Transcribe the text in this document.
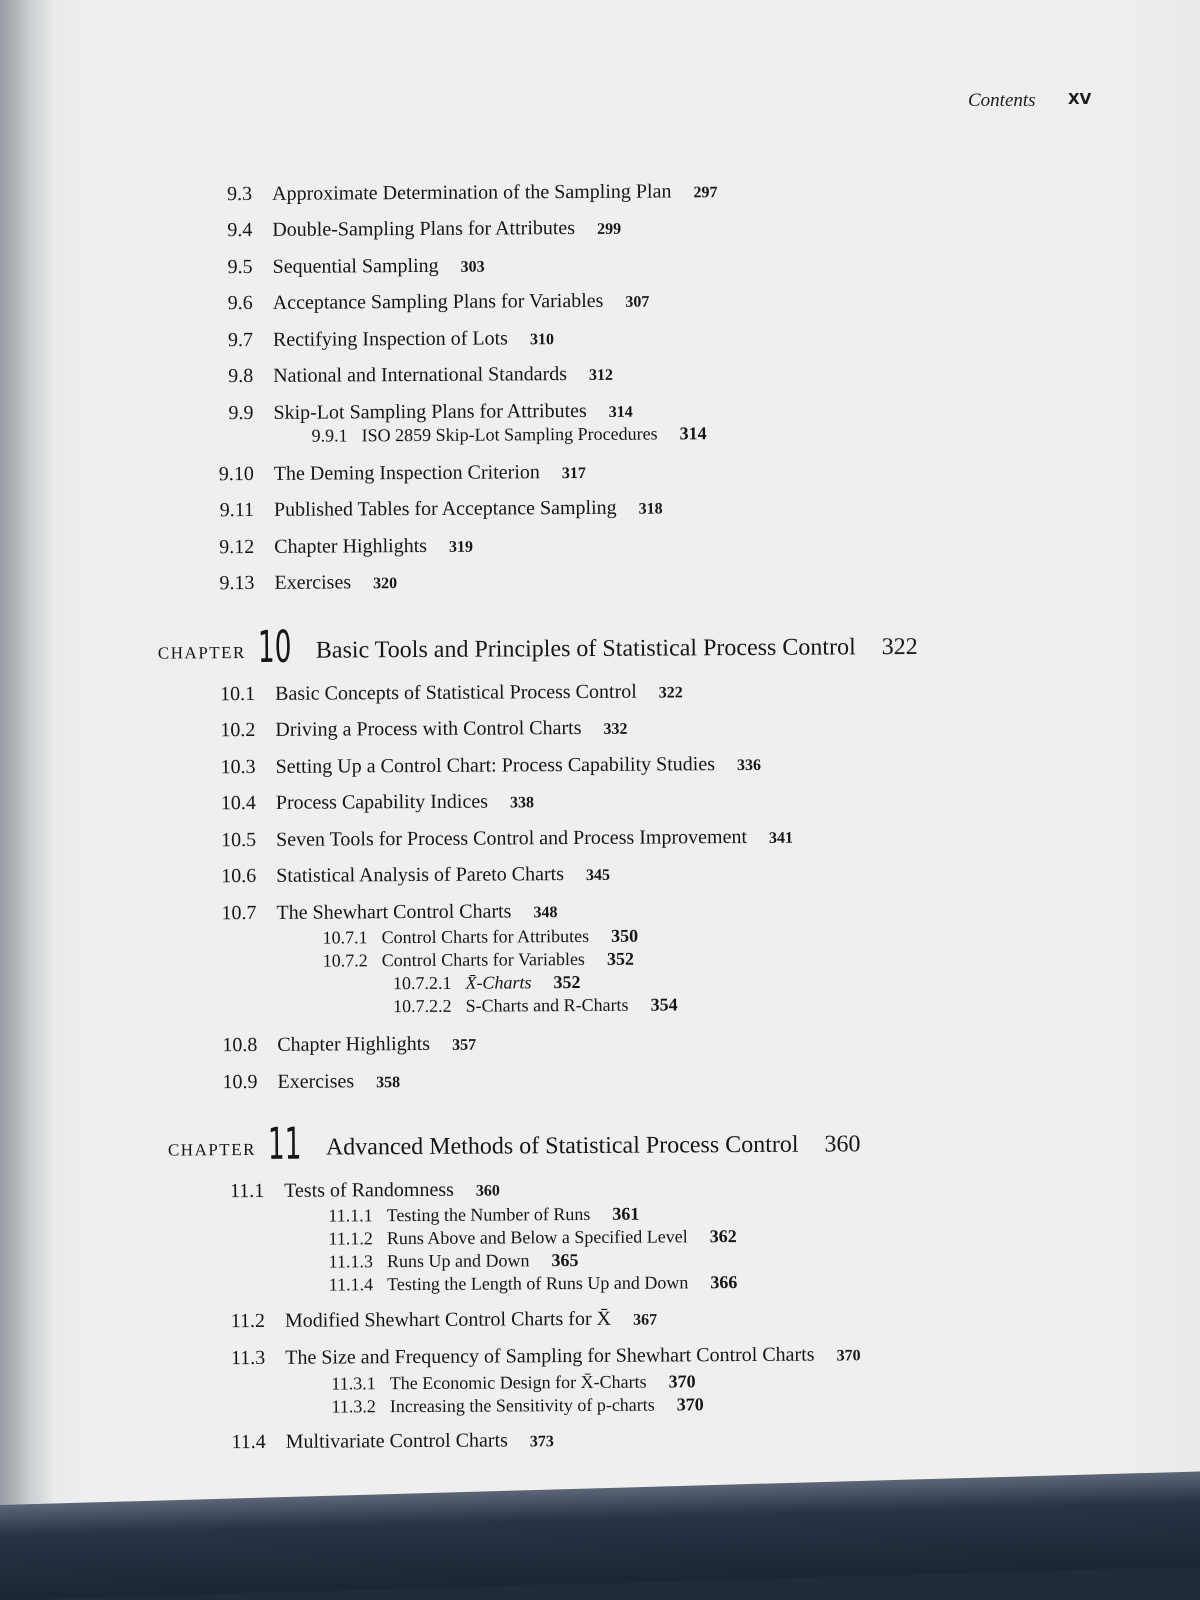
Contents XV
9.3 Approximate Determination of the Sampling Plan 297
9.4 Double-Sampling Plans for Attributes 299
9.5 Sequential Sampling 303
9.6 Acceptance Sampling Plans for Variables 307
9.7 Rectifying Inspection of Lots 310
9.8 National and International Standards 312
9.9 Skip-Lot Sampling Plans for Attributes 314
9.9.1 ISO 2859 Skip-Lot Sampling Procedures 314
9.10 The Deming Inspection Criterion 317
9.11 Published Tables for Acceptance Sampling 318
9.12 Chapter Highlights 319
9.13 Exercises 320
CHAPTER 10 Basic Tools and Principles of Statistical Process Control 322
10.1 Basic Concepts of Statistical Process Control 322
10.2 Driving a Process with Control Charts 332
10.3 Setting Up a Control Chart: Process Capability Studies 336
10.4 Process Capability Indices 338
10.5 Seven Tools for Process Control and Process Improvement 341
10.6 Statistical Analysis of Pareto Charts 345
10.7 The Shewhart Control Charts 348
10.7.1 Control Charts for Attributes 350
10.7.2 Control Charts for Variables 352
10.7.2.1 X̄-Charts 352
10.7.2.2 S-Charts and R-Charts 354
10.8 Chapter Highlights 357
10.9 Exercises 358
CHAPTER 11 Advanced Methods of Statistical Process Control 360
11.1 Tests of Randomness 360
11.1.1 Testing the Number of Runs 361
11.1.2 Runs Above and Below a Specified Level 362
11.1.3 Runs Up and Down 365
11.1.4 Testing the Length of Runs Up and Down 366
11.2 Modified Shewhart Control Charts for X̄ 367
11.3 The Size and Frequency of Sampling for Shewhart Control Charts 370
11.3.1 The Economic Design for X̄-Charts 370
11.3.2 Increasing the Sensitivity of p-charts 370
11.4 Multivariate Control Charts 373
